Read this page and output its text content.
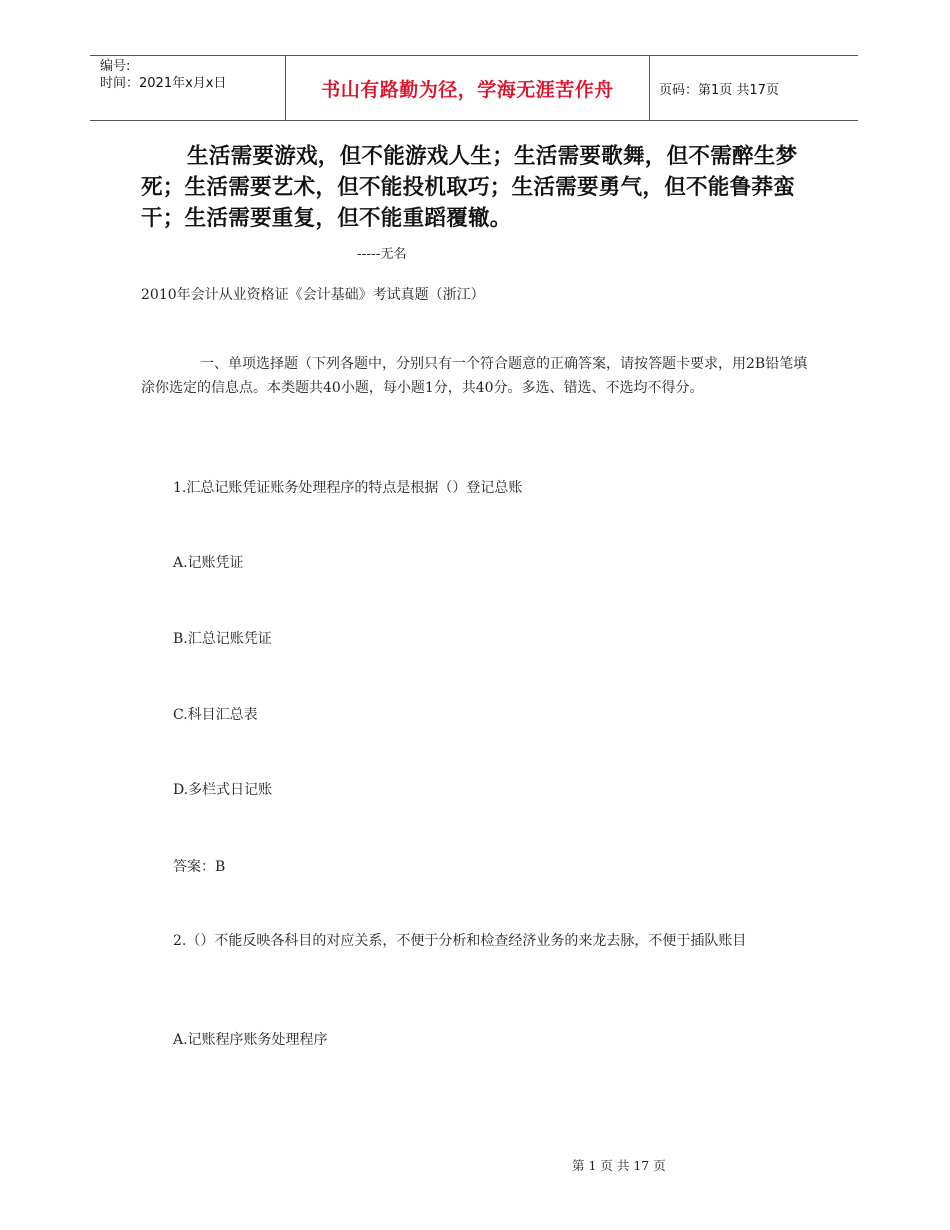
编号:
时间：2021年x月x日	书山有路勤为径，学海无涯苦作舟	页码：第1页 共17页
生活需要游戏，但不能游戏人生；生活需要歌舞，但不需醉生梦死；生活需要艺术，但不能投机取巧；生活需要勇气，但不能鲁莽蛮干；生活需要重复，但不能重蹈覆辙。
-----无名
2010年会计从业资格证《会计基础》考试真题（浙江）
一、单项选择题（下列各题中，分别只有一个符合题意的正确答案，请按答题卡要求，用2B铅笔填涂你选定的信息点。本类题共40小题，每小题1分，共40分。多选、错选、不选均不得分。
1.汇总记账凭证账务处理程序的特点是根据（）登记总账
A.记账凭证
B.汇总记账凭证
C.科目汇总表
D.多栏式日记账
答案：B
2.（）不能反映各科目的对应关系，不便于分析和检查经济业务的来龙去脉，不便于插队账目
A.记账程序账务处理程序
第 1 页 共 17 页
